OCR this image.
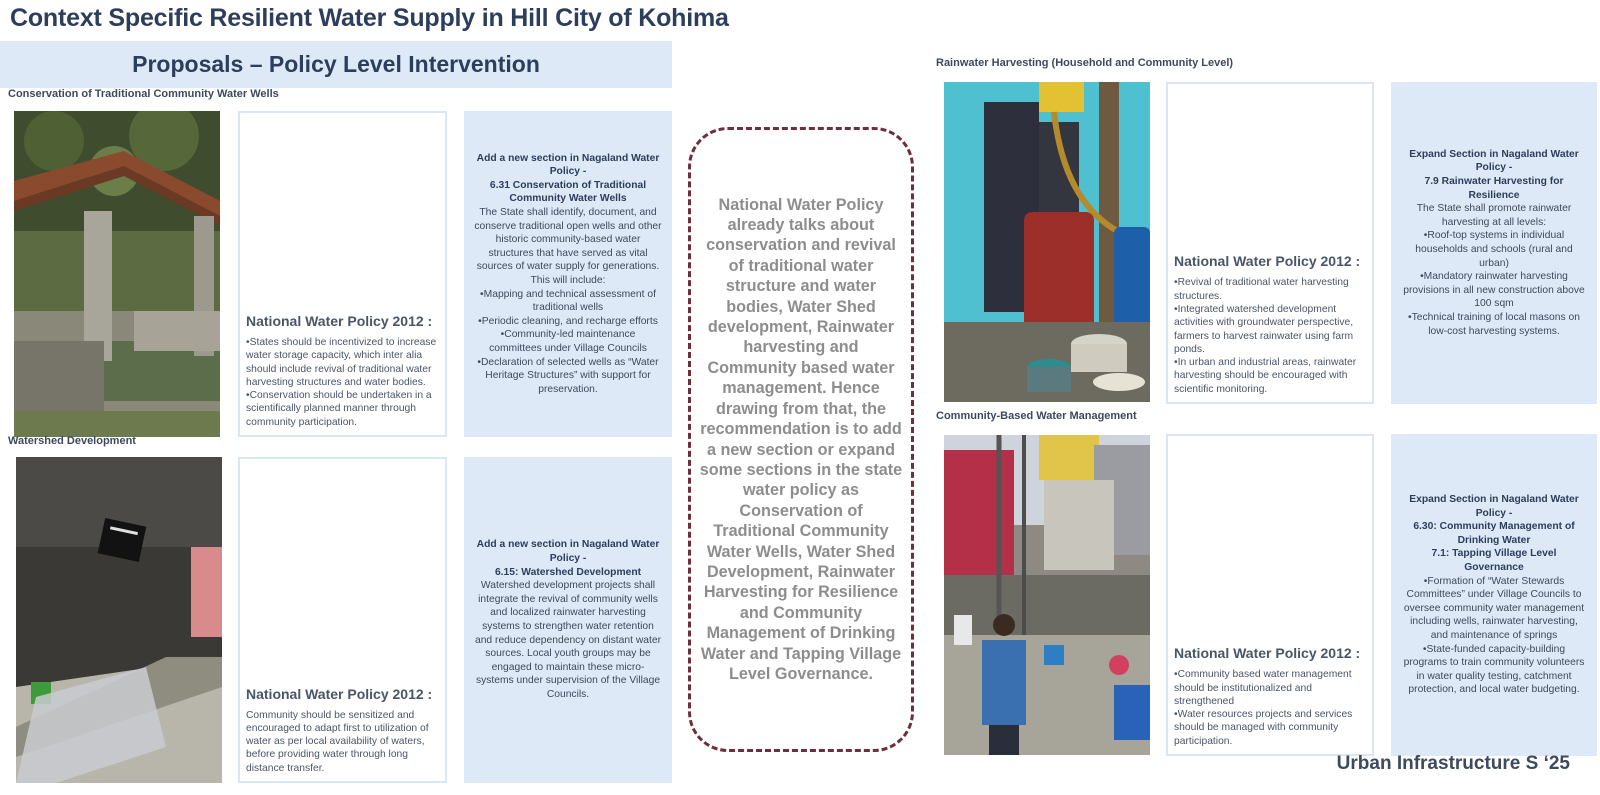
Context Specific Resilient Water Supply in Hill City of Kohima
Proposals – Policy Level Intervention
Conservation of Traditional Community Water Wells
National Water Policy 2012 :
•States should be incentivized to increase water storage capacity, which inter alia should include revival of traditional water harvesting structures and water bodies.
•Conservation should be undertaken in a scientifically planned manner through community participation.
Add a new section in Nagaland Water Policy -
6.31 Conservation of Traditional Community Water Wells
The State shall identify, document, and conserve traditional open wells and other historic community-based water structures that have served as vital sources of water supply for generations.
This will include:
•Mapping and technical assessment of traditional wells
•Periodic cleaning, and recharge efforts
•Community-led maintenance committees under Village Councils
•Declaration of selected wells as “Water Heritage Structures” with support for preservation.
Watershed Development
National Water Policy 2012 :
Community should be sensitized and encouraged to adapt first to utilization of water as per local availability of waters, before providing water through long distance transfer.
Add a new section in Nagaland Water Policy -
6.15: Watershed Development
Watershed development projects shall integrate the revival of community wells and localized rainwater harvesting systems to strengthen water retention and reduce dependency on distant water sources. Local youth groups may be engaged to maintain these micro-systems under supervision of the Village Councils.
National Water Policy already talks about conservation and revival of traditional water structure and water bodies, Water Shed development, Rainwater harvesting and Community based water management. Hence drawing from that, the recommendation is to add a new section or expand some sections in the state water policy as Conservation of Traditional Community Water Wells, Water Shed Development, Rainwater Harvesting for Resilience and Community Management of Drinking Water and Tapping Village Level Governance.
Rainwater Harvesting (Household and Community Level)
National Water Policy 2012 :
•Revival of traditional water harvesting structures.
•Integrated watershed development activities with groundwater perspective, farmers to harvest rainwater using farm ponds.
•In urban and industrial areas, rainwater harvesting should be encouraged with scientific monitoring.
Expand Section in Nagaland Water Policy -
7.9 Rainwater Harvesting for Resilience
The State shall promote rainwater harvesting at all levels:
•Roof-top systems in individual households and schools (rural and urban)
•Mandatory rainwater harvesting provisions in all new construction above 100 sqm
•Technical training of local masons on low-cost harvesting systems.
Community-Based Water Management
National Water Policy 2012 :
•Community based water management should be institutionalized and strengthened
•Water resources projects and services should be managed with community participation.
Expand Section in Nagaland Water Policy -
6.30: Community Management of Drinking Water
7.1: Tapping Village Level Governance
•Formation of “Water Stewards Committees” under Village Councils to oversee community water management including wells, rainwater harvesting, and maintenance of springs
•State-funded capacity-building programs to train community volunteers in water quality testing, catchment protection, and local water budgeting.
Urban Infrastructure S ‘25
